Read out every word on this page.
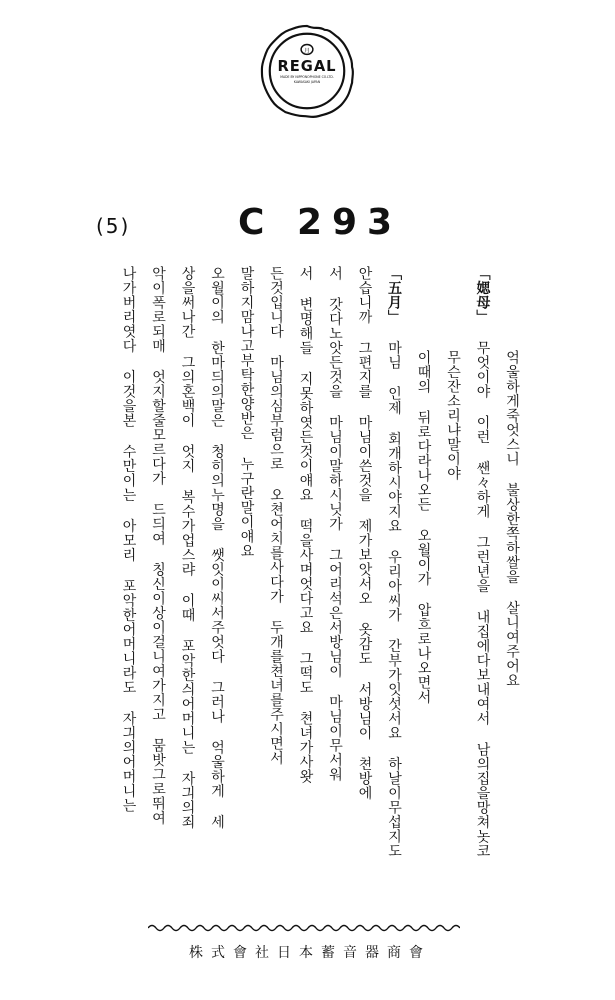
月
REGAL
MADE BY NIPPONOPHONE CO.LTD.
KAWASAKI JAPAN
(5)	C 293
억울하게죽엇스니 불상한쪽하쌀을 살니여주어요
「媤母」 무엇이야 이런 쌘々하게 그런년을 내집에다보내여서 남의집을망쳐놋코
무슨잔소리냐말이야
이때의 뒤로다라나오든 오월이가 압흐로나오면서
「五月」 마님 인제 회개하시야지요 우리아씨가 간부가잇섯서요 하날이무섭지도
안습니까 그편지를 마님이쓴것을 제가보앗서오 옷감도 서방님이 쳔방에
서 갓다노앗든것을 마님이말하시닛가 그어리석은서방님이 마님이무서워
서 변명해들 지못하엿든것이얘요 떡을사며엇다고요 그떡도 쳔녀가사왓
든것입니다 마님의심부럼으로 오쳔어치를사다가 두개를쳔녀를주시면서
말하지맘나고부탁한양반은 누구란말이얘요
오월이의 한마듸의말은 청히의누명을 쌧잇이씨서주엇다 그러나 억울하게 세
상을써나간 그의혼백이 엇지 복수가업스랴 이때 포악한싀어머니는 자긔의죄
악이폭로되매 엇지할줄모르다가 드듸여 칭신이상이걸니여가지고 뭄밧그로뛰여
나가버리엿다 이것을본 수만이는 아모리 포악한어머니라도 자긔의어머니는
株式會社日本蓄音器商會
